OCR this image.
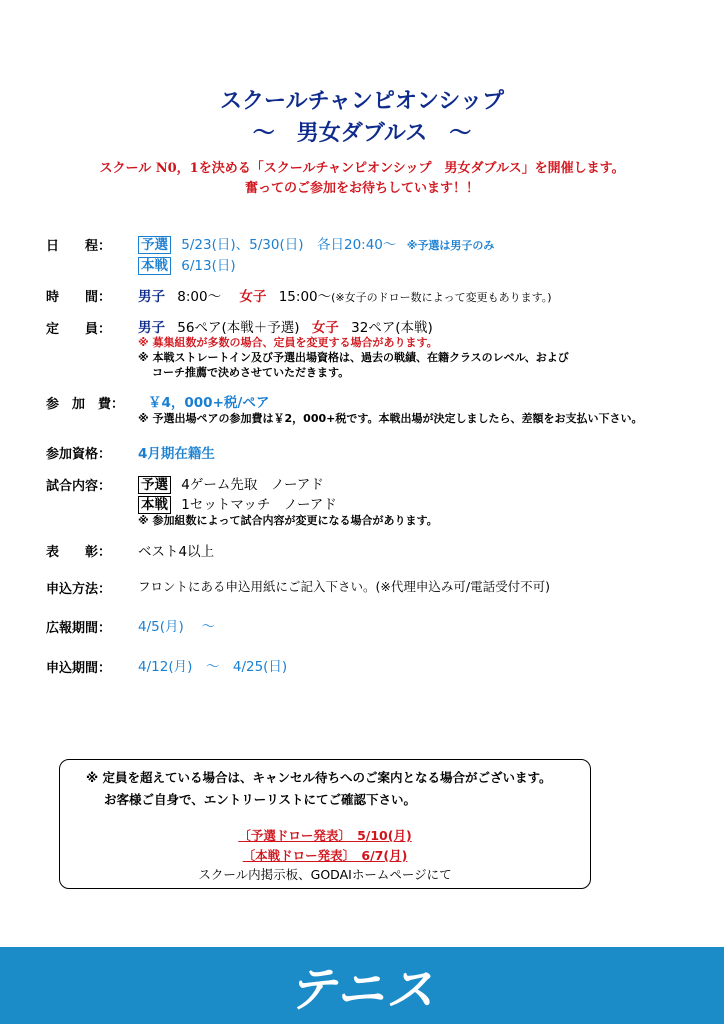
スクールチャンピオンシップ
～　男女ダブルス　～
スクール N0，1を決める「スクールチャンピオンシップ　男女ダブルス」を開催します。
奮ってのご参加をお待ちしています！！
日　　程： 予選 5/23(日)、5/30(日)　各日20:40～ ※予選は男子のみ
本戦 6/13(日)
時　　間： 男子 8:00～ 女子 15:00～(※女子のドロー数によって変更もあります。)
定　　員： 男子 56ペア(本戦＋予選) 女子 32ペア(本戦)
※ 募集組数が多数の場合、定員を変更する場合があります。
※ 本戦ストレートイン及び予選出場資格は、過去の戦績、在籍クラスのレベル、および
コーチ推薦で決めさせていただきます。
参　加　費： ￥4，000+税/ペア
※ 予選出場ペアの参加費は￥2，000+税です。本戦出場が決定しましたら、差額をお支払い下さい。
参加資格： 4月期在籍生
試合内容： 予選 4ゲーム先取　ノーアド
本戦 1セットマッチ　ノーアド
※ 参加組数によって試合内容が変更になる場合があります。
表　　彰： ベスト4以上
申込方法： フロントにある申込用紙にご記入下さい。(※代理申込み可/電話受付不可)
広報期間： 4/5(月)　 ～
申込期間： 4/12(月)　～　4/25(日)
※ 定員を超えている場合は、キャンセル待ちへのご案内となる場合がございます。
お客様ご自身で、エントリーリストにてご確認下さい。
〔予選ドロー発表〕　5/10(月)
〔本戦ドロー発表〕　6/7(月)
スクール内掲示板、GODAIホームページにて
テニス
